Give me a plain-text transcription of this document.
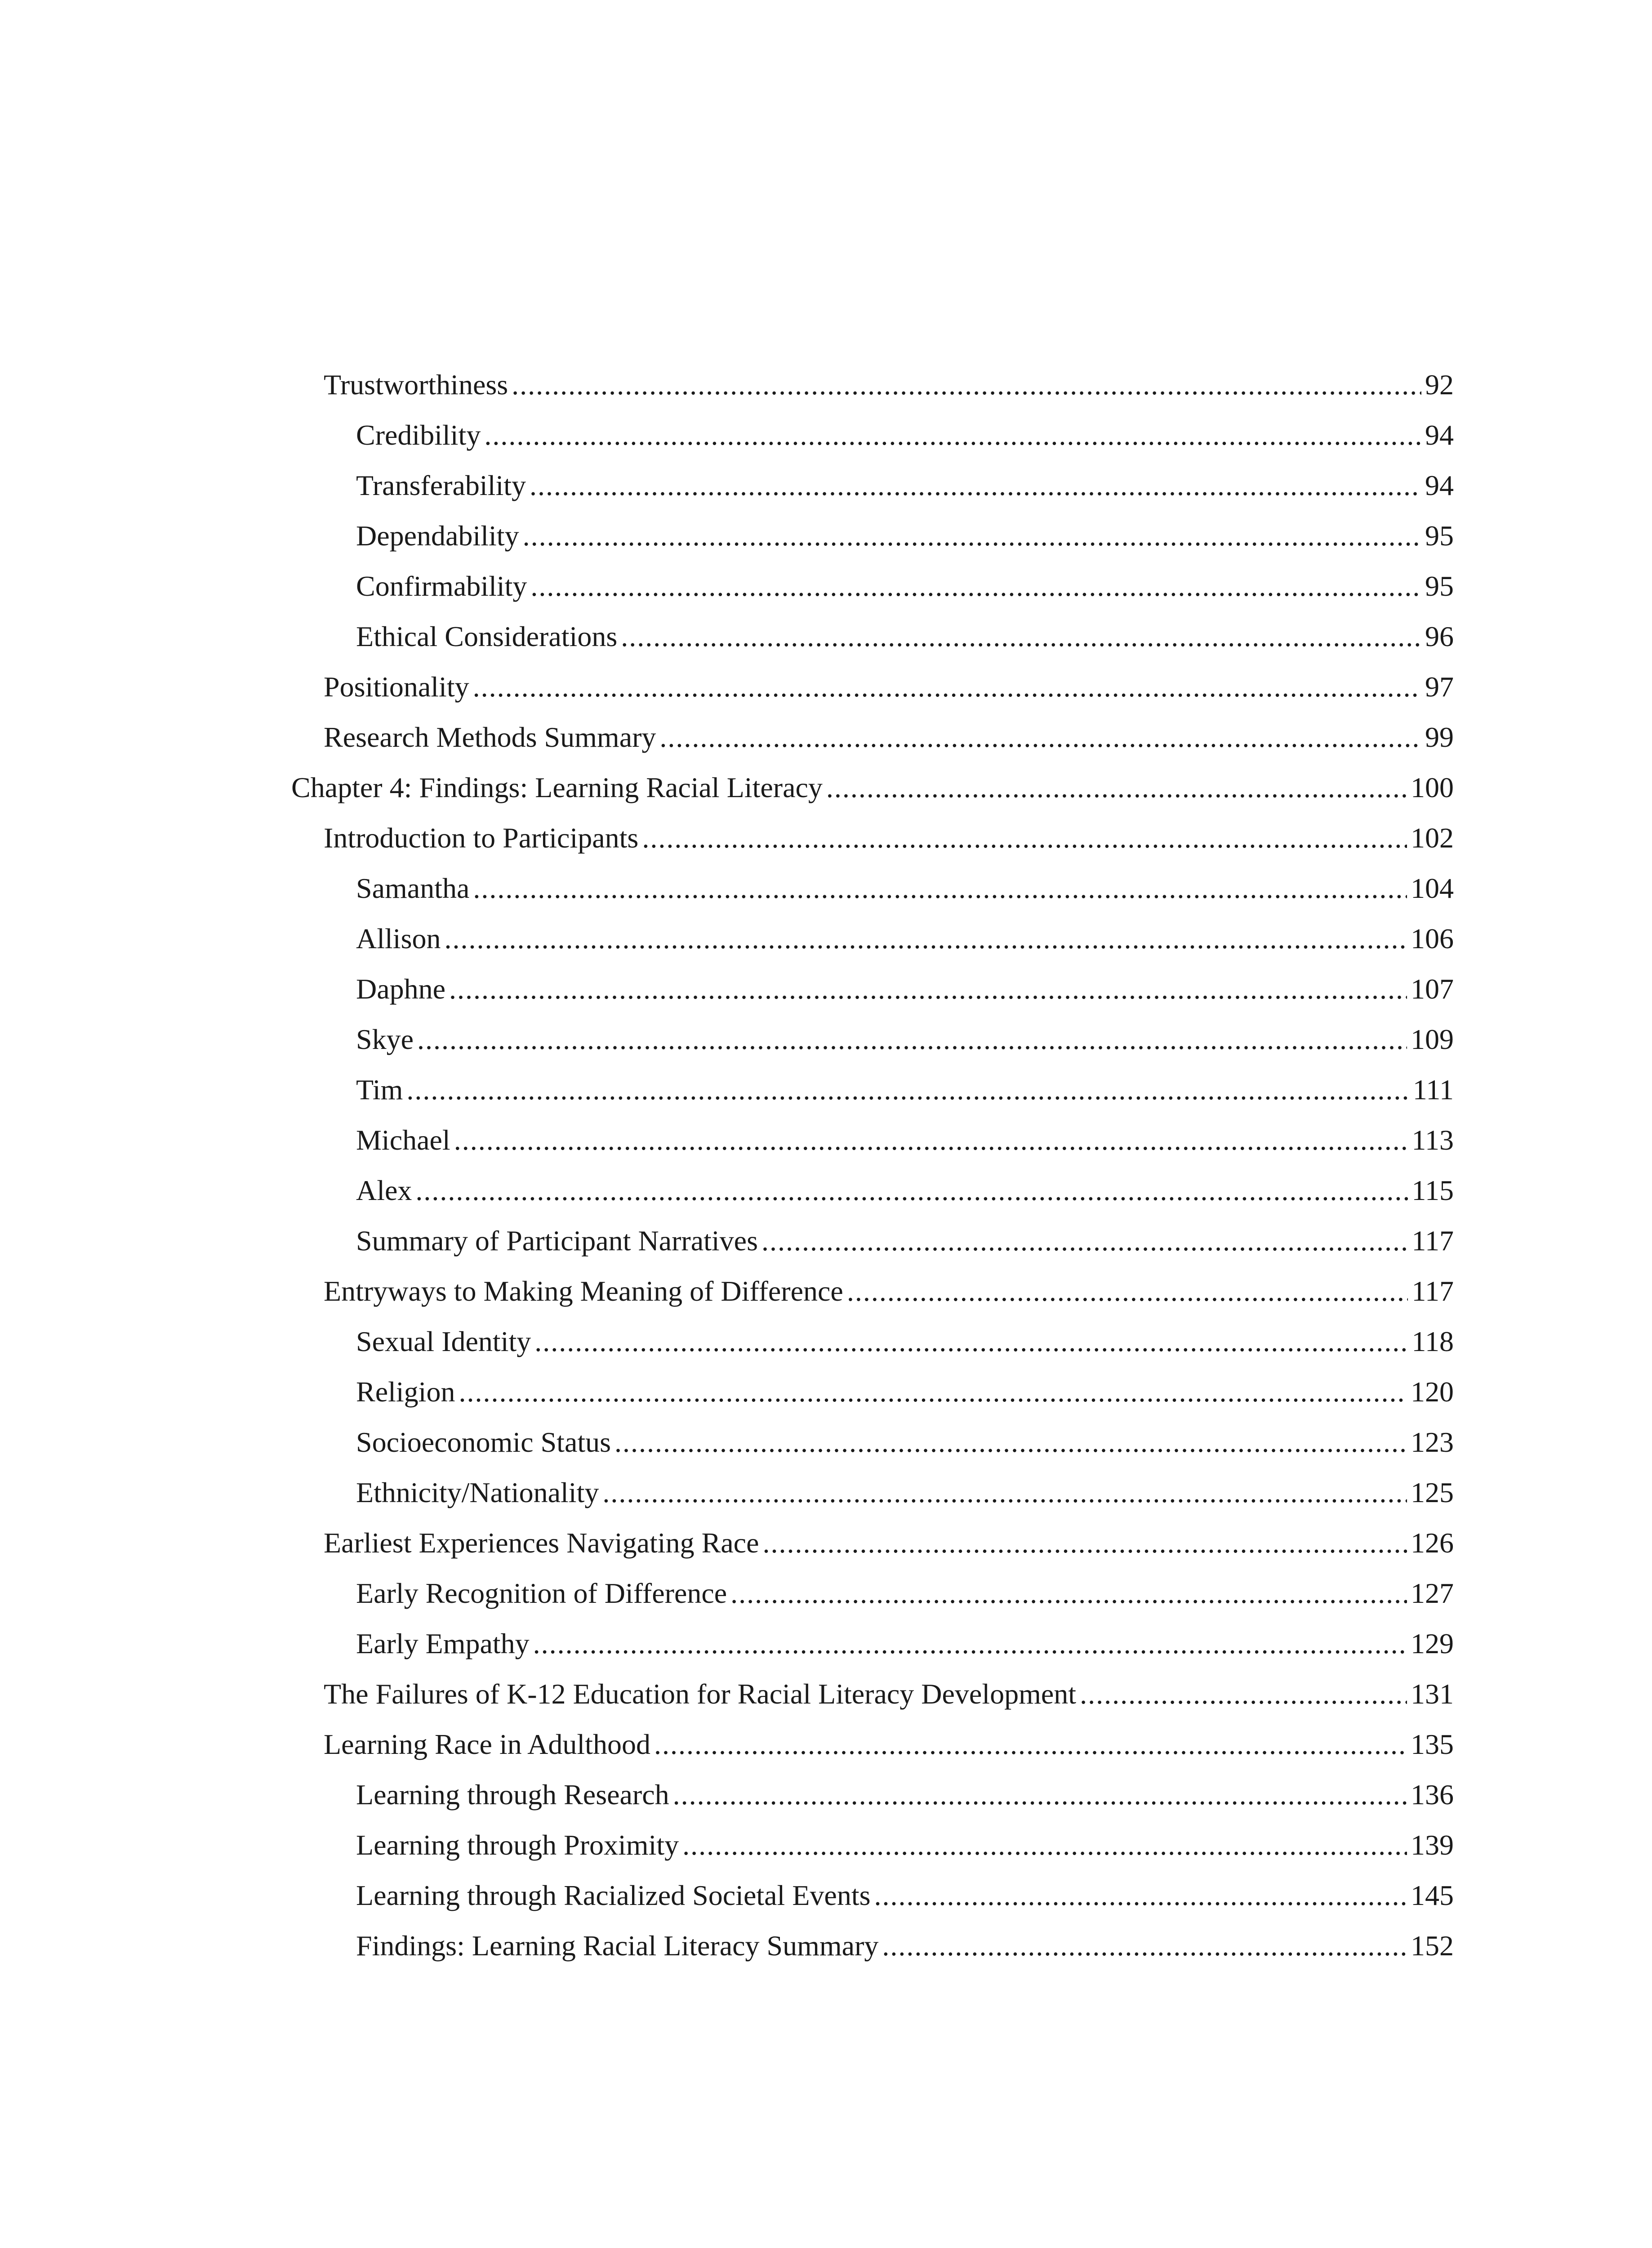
Trustworthiness .....	92
Credibility .....	94
Transferability .....	94
Dependability .....	95
Confirmability .....	95
Ethical Considerations .....	96
Positionality .....	97
Research Methods Summary .....	99
Chapter 4: Findings: Learning Racial Literacy .....	100
Introduction to Participants .....	102
Samantha .....	104
Allison .....	106
Daphne .....	107
Skye .....	109
Tim .....	111
Michael .....	113
Alex .....	115
Summary of Participant Narratives .....	117
Entryways to Making Meaning of Difference .....	117
Sexual Identity .....	118
Religion .....	120
Socioeconomic Status .....	123
Ethnicity/Nationality .....	125
Earliest Experiences Navigating Race .....	126
Early Recognition of Difference .....	127
Early Empathy .....	129
The Failures of K-12 Education for Racial Literacy Development .....	131
Learning Race in Adulthood .....	135
Learning through Research .....	136
Learning through Proximity .....	139
Learning through Racialized Societal Events .....	145
Findings: Learning Racial Literacy Summary .....	152
